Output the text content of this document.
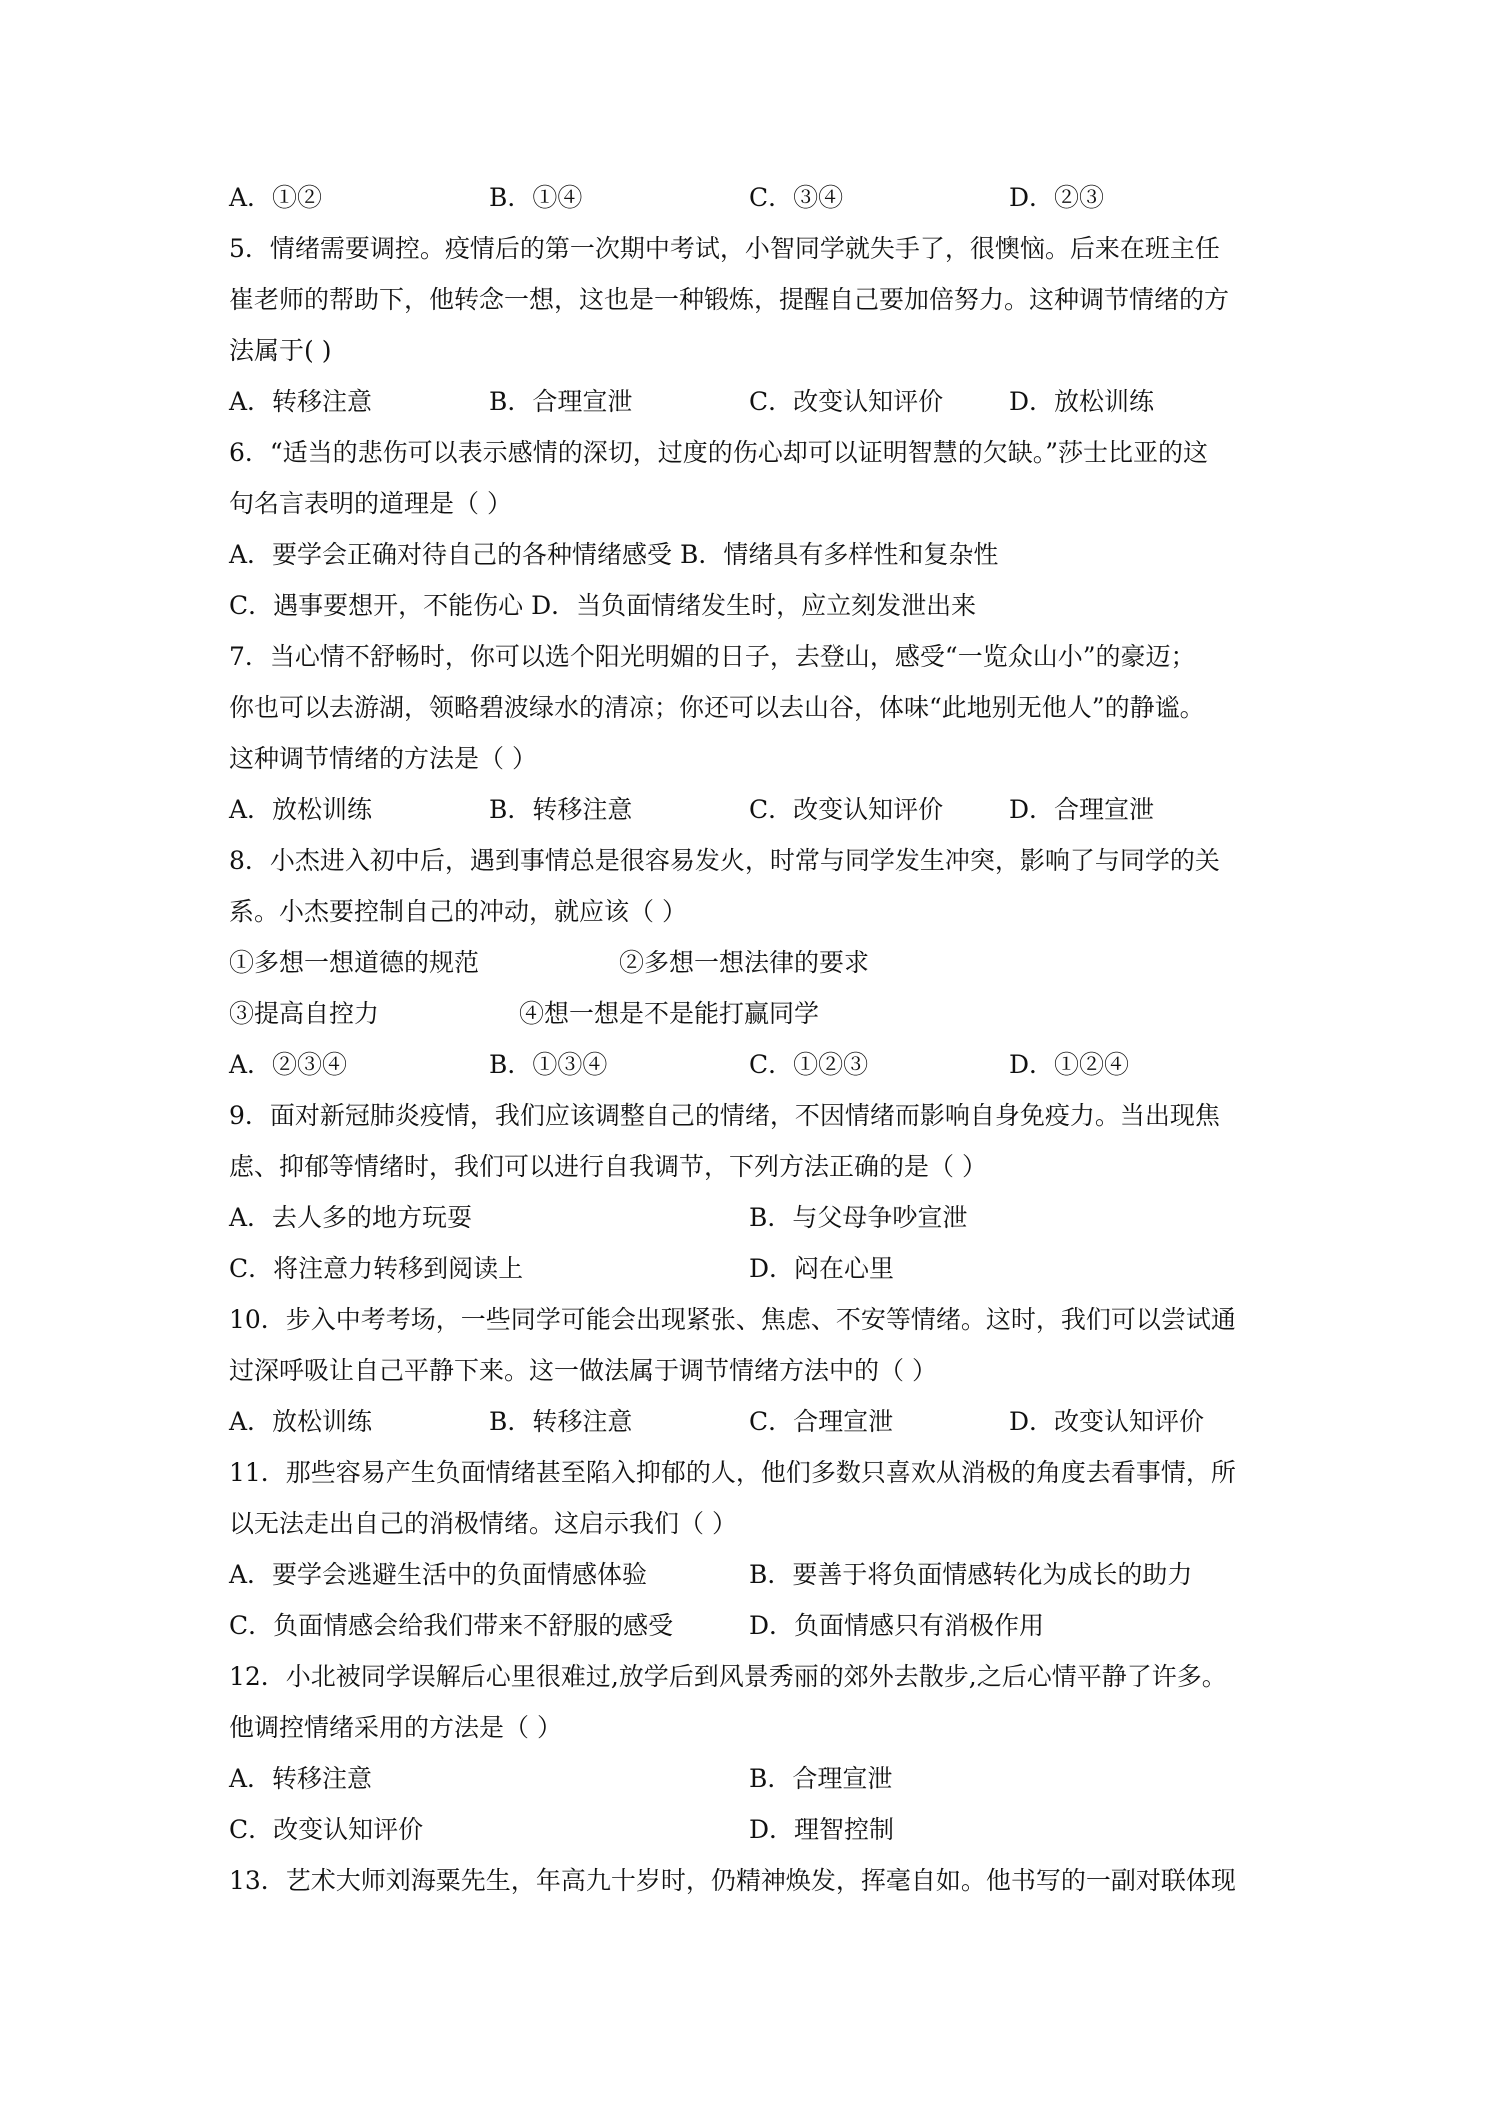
A．①②	B．①④	C．③④	D．②③
5．情绪需要调控。疫情后的第一次期中考试，小智同学就失手了，很懊恼。后来在班主任
崔老师的帮助下，他转念一想，这也是一种锻炼，提醒自己要加倍努力。这种调节情绪的方
法属于( )
A．转移注意	B．合理宣泄	C．改变认知评价	D．放松训练
6．“适当的悲伤可以表示感情的深切，过度的伤心却可以证明智慧的欠缺。”莎士比亚的这
句名言表明的道理是（ ）
A．要学会正确对待自己的各种情绪感受 B．情绪具有多样性和复杂性
C．遇事要想开，不能伤心 D．当负面情绪发生时，应立刻发泄出来
7．当心情不舒畅时，你可以选个阳光明媚的日子，去登山，感受“一览众山小”的豪迈；
你也可以去游湖，领略碧波绿水的清凉；你还可以去山谷，体味“此地别无他人”的静谧。
这种调节情绪的方法是（ ）
A．放松训练	B．转移注意	C．改变认知评价	D．合理宣泄
8．小杰进入初中后，遇到事情总是很容易发火，时常与同学发生冲突，影响了与同学的关
系。小杰要控制自己的冲动，就应该（ ）
①多想一想道德的规范	②多想一想法律的要求
③提高自控力	④想一想是不是能打赢同学
A．②③④	B．①③④	C．①②③	D．①②④
9．面对新冠肺炎疫情，我们应该调整自己的情绪，不因情绪而影响自身免疫力。当出现焦
虑、抑郁等情绪时，我们可以进行自我调节，下列方法正确的是（ ）
A．去人多的地方玩耍	B．与父母争吵宣泄
C．将注意力转移到阅读上	D．闷在心里
10．步入中考考场，一些同学可能会出现紧张、焦虑、不安等情绪。这时，我们可以尝试通
过深呼吸让自己平静下来。这一做法属于调节情绪方法中的（ ）
A．放松训练	B．转移注意	C．合理宣泄	D．改变认知评价
11．那些容易产生负面情绪甚至陷入抑郁的人，他们多数只喜欢从消极的角度去看事情，所
以无法走出自己的消极情绪。这启示我们（ ）
A．要学会逃避生活中的负面情感体验	B．要善于将负面情感转化为成长的助力
C．负面情感会给我们带来不舒服的感受	D．负面情感只有消极作用
12．小北被同学误解后心里很难过,放学后到风景秀丽的郊外去散步,之后心情平静了许多。
他调控情绪采用的方法是（ ）
A．转移注意	B．合理宣泄
C．改变认知评价	D．理智控制
13．艺术大师刘海粟先生，年高九十岁时，仍精神焕发，挥毫自如。他书写的一副对联体现
